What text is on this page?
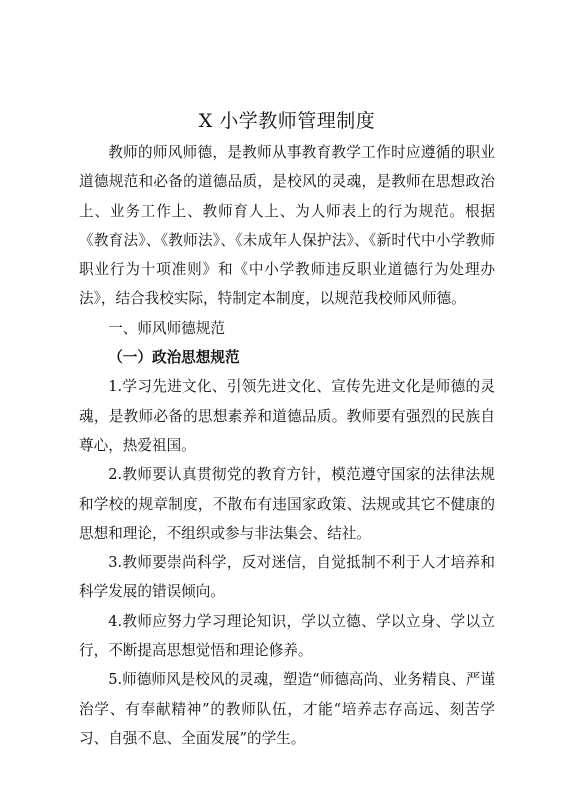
X 小学教师管理制度

教师的师风师德，是教师从事教育教学工作时应遵循的职业道德规范和必备的道德品质，是校风的灵魂，是教师在思想政治上、业务工作上、教师育人上、为人师表上的行为规范。根据《教育法》、《教师法》、《未成年人保护法》、《新时代中小学教师职业行为十项准则》和《中小学教师违反职业道德行为处理办法》，结合我校实际，特制定本制度，以规范我校师风师德。

一、师风师德规范

（一）政治思想规范

1.学习先进文化、引领先进文化、宣传先进文化是师德的灵魂，是教师必备的思想素养和道德品质。教师要有强烈的民族自尊心，热爱祖国。

2.教师要认真贯彻党的教育方针，模范遵守国家的法律法规和学校的规章制度，不散布有违国家政策、法规或其它不健康的思想和理论，不组织或参与非法集会、结社。

3.教师要崇尚科学，反对迷信，自觉抵制不利于人才培养和科学发展的错误倾向。

4.教师应努力学习理论知识，学以立德、学以立身、学以立行，不断提高思想觉悟和理论修养。

5.师德师风是校风的灵魂，塑造“师德高尚、业务精良、严谨治学、有奉献精神”的教师队伍，才能“培养志存高远、刻苦学习、自强不息、全面发展”的学生。
